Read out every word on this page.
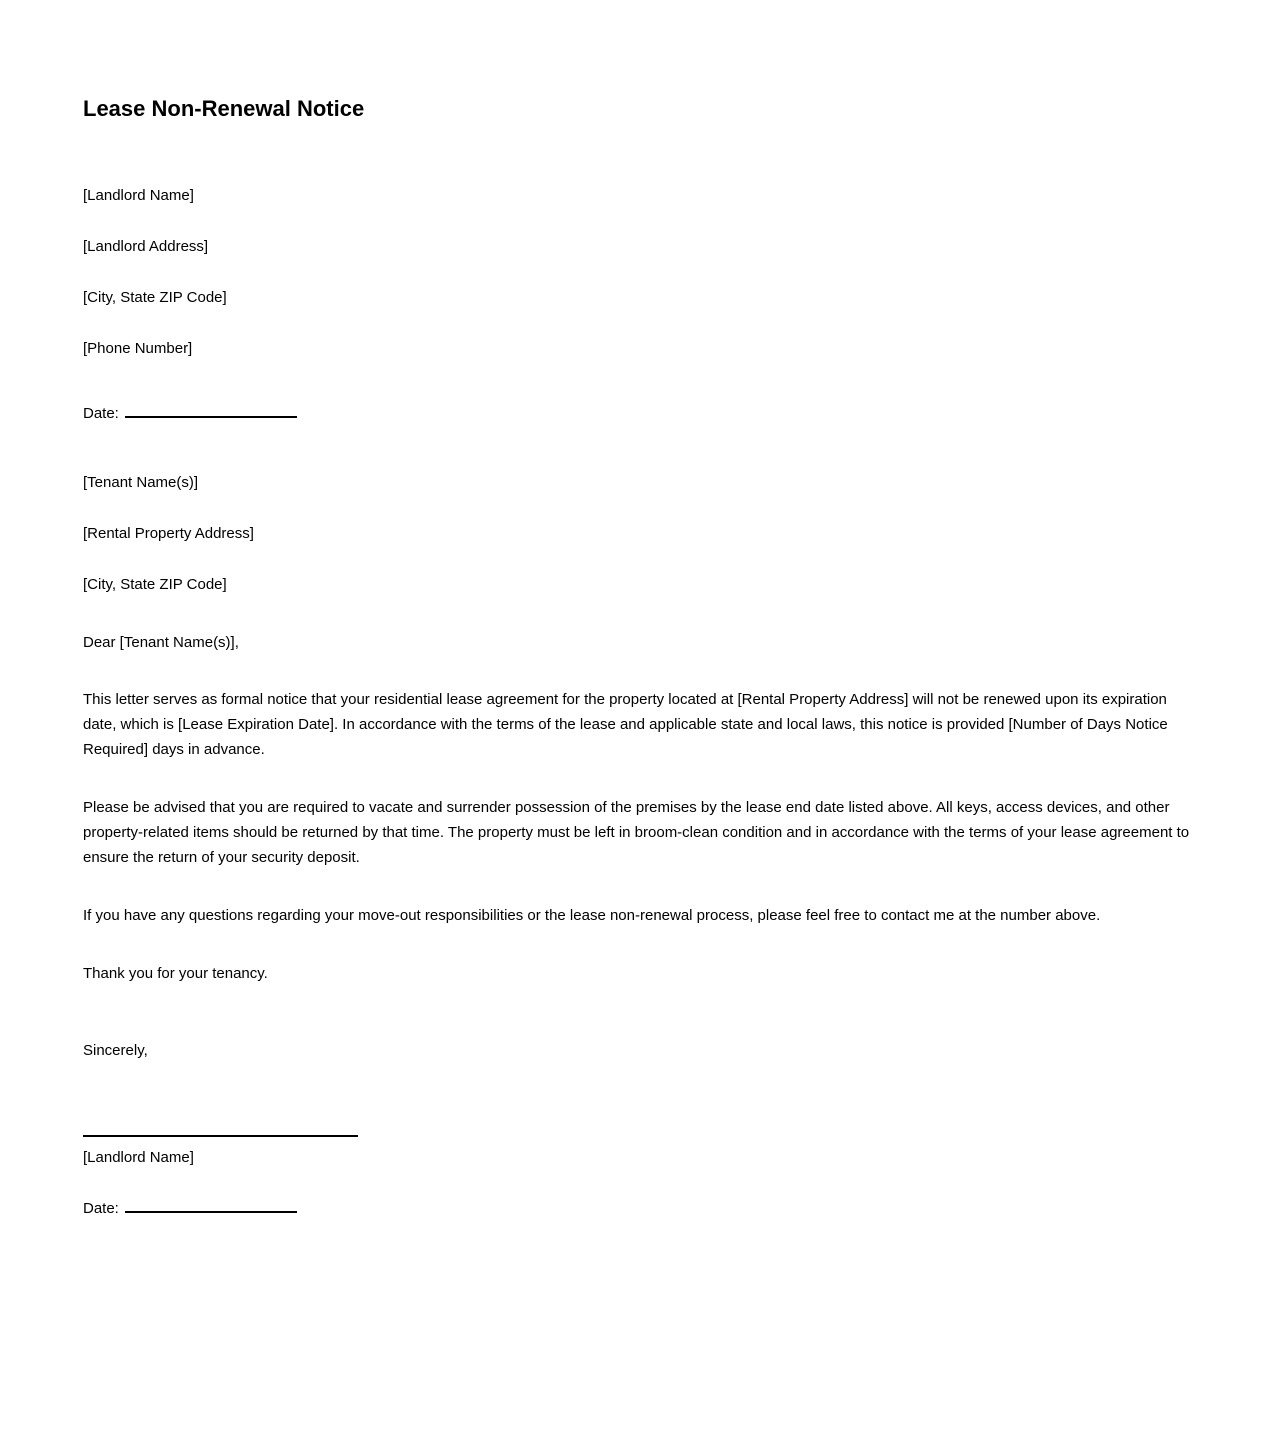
Lease Non-Renewal Notice

[Landlord Name]

[Landlord Address]

[City, State ZIP Code]

[Phone Number]

Date:

[Tenant Name(s)]

[Rental Property Address]

[City, State ZIP Code]

Dear [Tenant Name(s)],

This letter serves as formal notice that your residential lease agreement for the property located at [Rental Property Address] will not be renewed upon its expiration date, which is [Lease Expiration Date]. In accordance with the terms of the lease and applicable state and local laws, this notice is provided [Number of Days Notice Required] days in advance.

Please be advised that you are required to vacate and surrender possession of the premises by the lease end date listed above. All keys, access devices, and other property-related items should be returned by that time. The property must be left in broom-clean condition and in accordance with the terms of your lease agreement to ensure the return of your security deposit.

If you have any questions regarding your move-out responsibilities or the lease non-renewal process, please feel free to contact me at the number above.

Thank you for your tenancy.

Sincerely,

[Landlord Name]

Date:
